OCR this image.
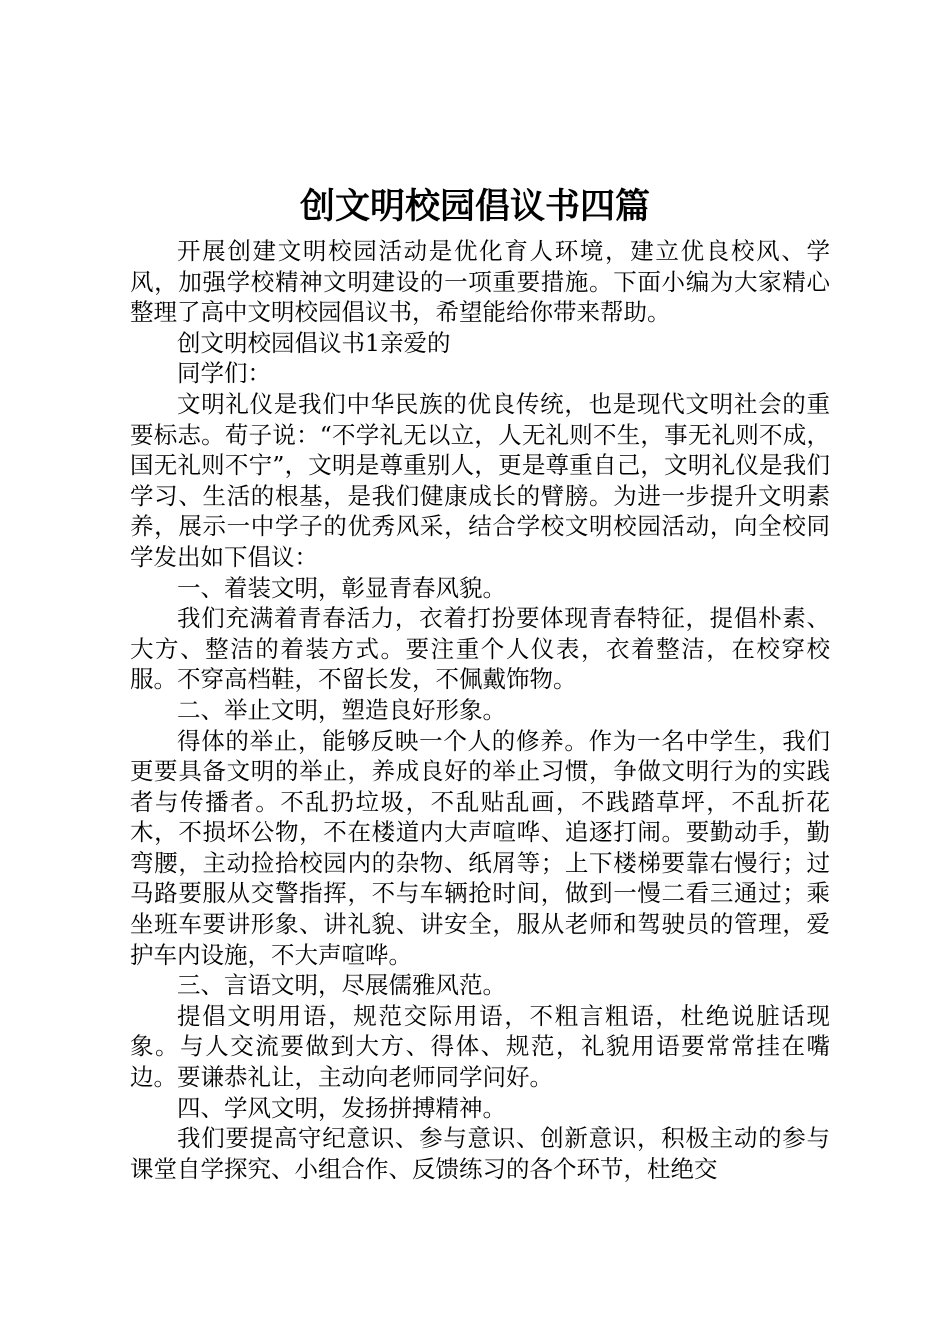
创文明校园倡议书四篇

开展创建文明校园活动是优化育人环境，建立优良校风、学风，加强学校精神文明建设的一项重要措施。下面小编为大家精心整理了高中文明校园倡议书，希望能给你带来帮助。

创文明校园倡议书1亲爱的

同学们：

文明礼仪是我们中华民族的优良传统，也是现代文明社会的重要标志。荀子说：“不学礼无以立，人无礼则不生，事无礼则不成，国无礼则不宁”，文明是尊重别人，更是尊重自己，文明礼仪是我们学习、生活的根基，是我们健康成长的臂膀。为进一步提升文明素养，展示一中学子的优秀风采，结合学校文明校园活动，向全校同学发出如下倡议：

一、着装文明，彰显青春风貌。

我们充满着青春活力，衣着打扮要体现青春特征，提倡朴素、大方、整洁的着装方式。要注重个人仪表，衣着整洁，在校穿校服。不穿高档鞋，不留长发，不佩戴饰物。

二、举止文明，塑造良好形象。

得体的举止，能够反映一个人的修养。作为一名中学生，我们更要具备文明的举止，养成良好的举止习惯，争做文明行为的实践者与传播者。不乱扔垃圾，不乱贴乱画，不践踏草坪，不乱折花木，不损坏公物，不在楼道内大声喧哗、追逐打闹。要勤动手，勤弯腰，主动捡拾校园内的杂物、纸屑等；上下楼梯要靠右慢行；过马路要服从交警指挥，不与车辆抢时间，做到一慢二看三通过；乘坐班车要讲形象、讲礼貌、讲安全，服从老师和驾驶员的管理，爱护车内设施，不大声喧哗。

三、言语文明，尽展儒雅风范。

提倡文明用语，规范交际用语，不粗言粗语，杜绝说脏话现象。与人交流要做到大方、得体、规范，礼貌用语要常常挂在嘴边。要谦恭礼让，主动向老师同学问好。

四、学风文明，发扬拼搏精神。

我们要提高守纪意识、参与意识、创新意识，积极主动的参与课堂自学探究、小组合作、反馈练习的各个环节，杜绝交
